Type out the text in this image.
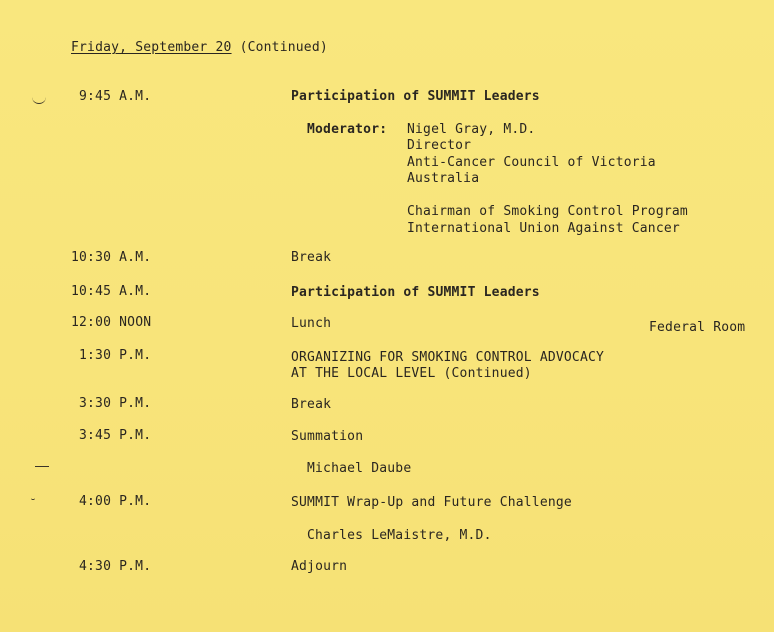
Friday, September 20 (Continued)
9:45 A.M.	Participation of SUMMIT Leaders
Moderator: Nigel Gray, M.D.
Director
Anti-Cancer Council of Victoria
Australia
Chairman of Smoking Control Program
International Union Against Cancer
10:30 A.M.	Break
10:45 A.M.	Participation of SUMMIT Leaders
12:00 NOON	Lunch	Federal Room
1:30 P.M.	ORGANIZING FOR SMOKING CONTROL ADVOCACY
AT THE LOCAL LEVEL (Continued)
3:30 P.M.	Break
3:45 P.M.	Summation
Michael Daube
4:00 P.M.	SUMMIT Wrap-Up and Future Challenge
Charles LeMaistre, M.D.
4:30 P.M.	Adjourn
